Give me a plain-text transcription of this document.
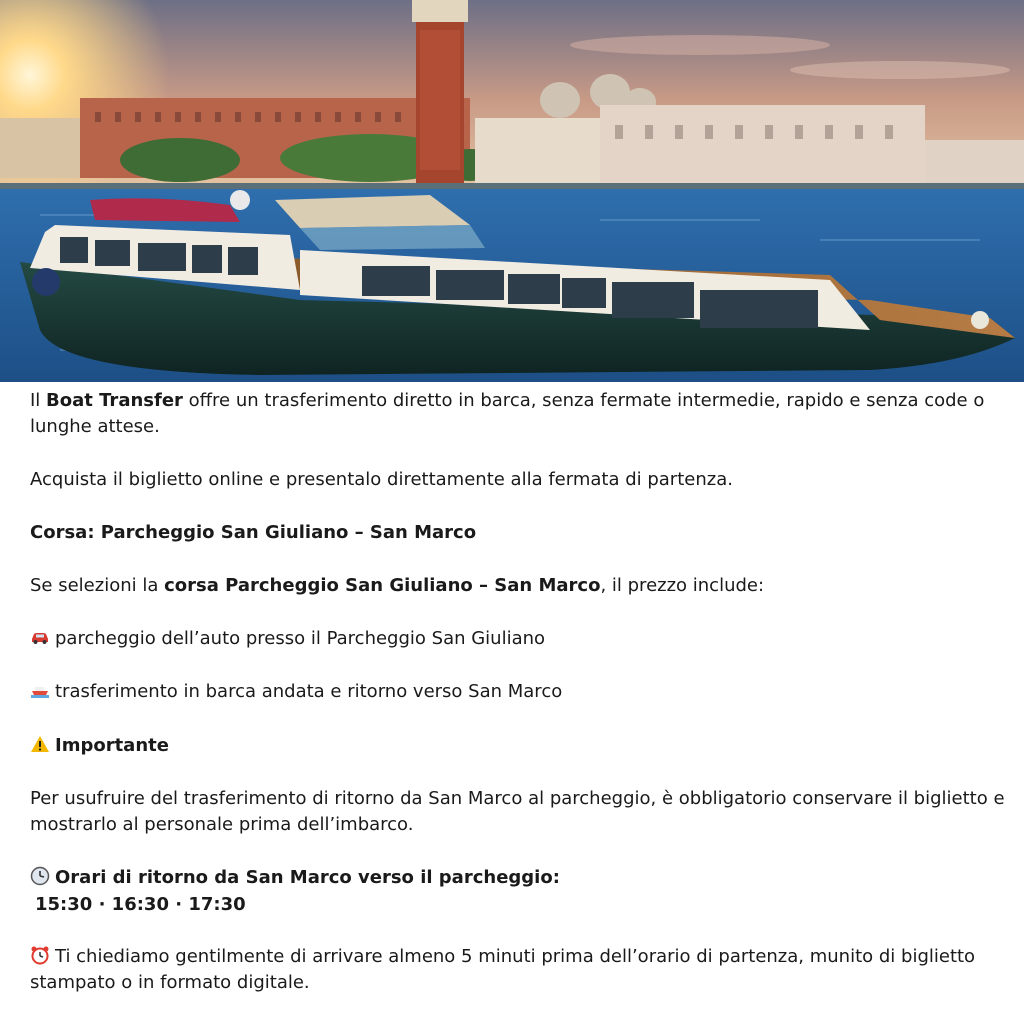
Il Boat Transfer offre un trasferimento diretto in barca, senza fermate intermedie, rapido e senza code o lunghe attese.

Acquista il biglietto online e presentalo direttamente alla fermata di partenza.

Corsa: Parcheggio San Giuliano – San Marco

Se selezioni la corsa Parcheggio San Giuliano – San Marco, il prezzo include:

parcheggio dell’auto presso il Parcheggio San Giuliano

trasferimento in barca andata e ritorno verso San Marco

Importante

Per usufruire del trasferimento di ritorno da San Marco al parcheggio, è obbligatorio conservare il biglietto e mostrarlo al personale prima dell’imbarco.

Orari di ritorno da San Marco verso il parcheggio:

15:30 · 16:30 · 17:30

Ti chiediamo gentilmente di arrivare almeno 5 minuti prima dell’orario di partenza, munito di biglietto stampato o in formato digitale.
